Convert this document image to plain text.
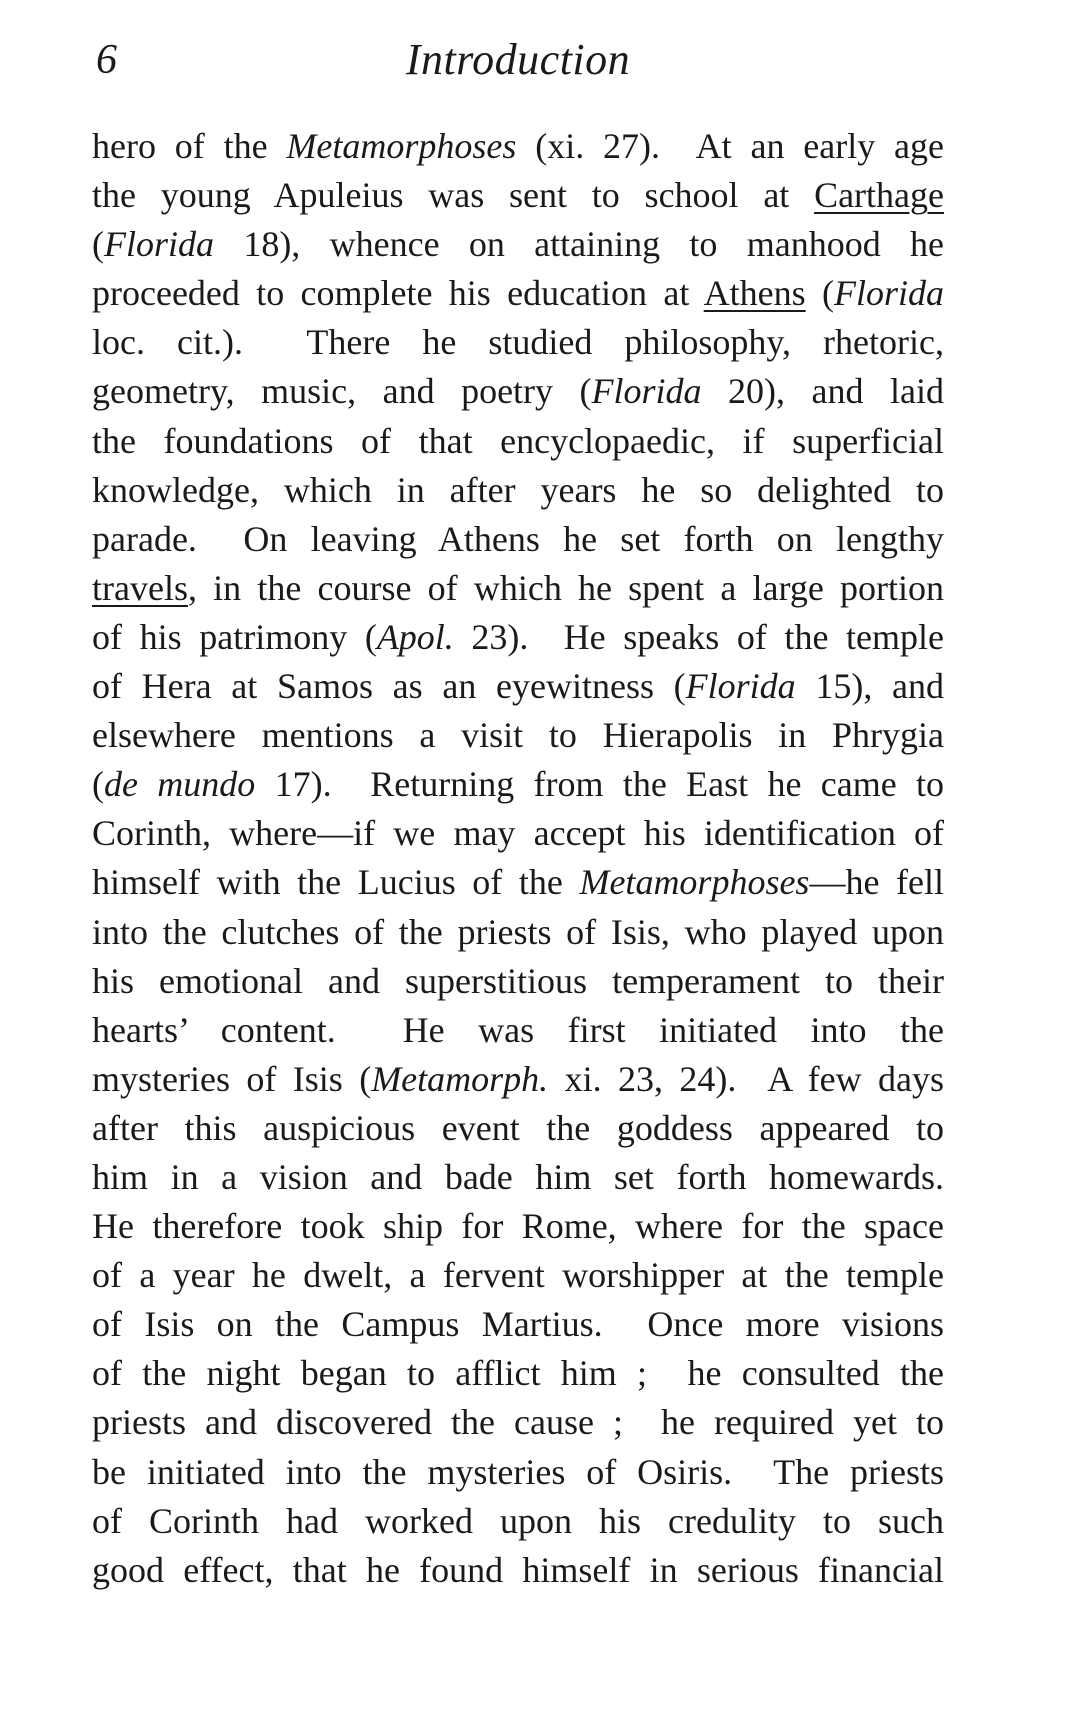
6	Introduction
hero of the Metamorphoses (xi. 27).  At an early age
the young Apuleius was sent to school at Carthage
(Florida 18), whence on attaining to manhood he
proceeded to complete his education at Athens (Florida
loc. cit.).  There he studied philosophy, rhetoric,
geometry, music, and poetry (Florida 20), and laid
the foundations of that encyclopaedic, if superficial
knowledge, which in after years he so delighted to
parade.  On leaving Athens he set forth on lengthy
travels, in the course of which he spent a large portion
of his patrimony (Apol. 23).  He speaks of the temple
of Hera at Samos as an eyewitness (Florida 15), and
elsewhere mentions a visit to Hierapolis in Phrygia
(de mundo 17).  Returning from the East he came to
Corinth, where—if we may accept his identification of
himself with the Lucius of the Metamorphoses—he fell
into the clutches of the priests of Isis, who played upon
his emotional and superstitious temperament to their
hearts’ content.  He was first initiated into the
mysteries of Isis (Metamorph. xi. 23, 24).  A few days
after this auspicious event the goddess appeared to
him in a vision and bade him set forth homewards.
He therefore took ship for Rome, where for the space
of a year he dwelt, a fervent worshipper at the temple
of Isis on the Campus Martius.  Once more visions
of the night began to afflict him ;  he consulted the
priests and discovered the cause ;  he required yet to
be initiated into the mysteries of Osiris.  The priests
of Corinth had worked upon his credulity to such
good effect, that he found himself in serious financial
